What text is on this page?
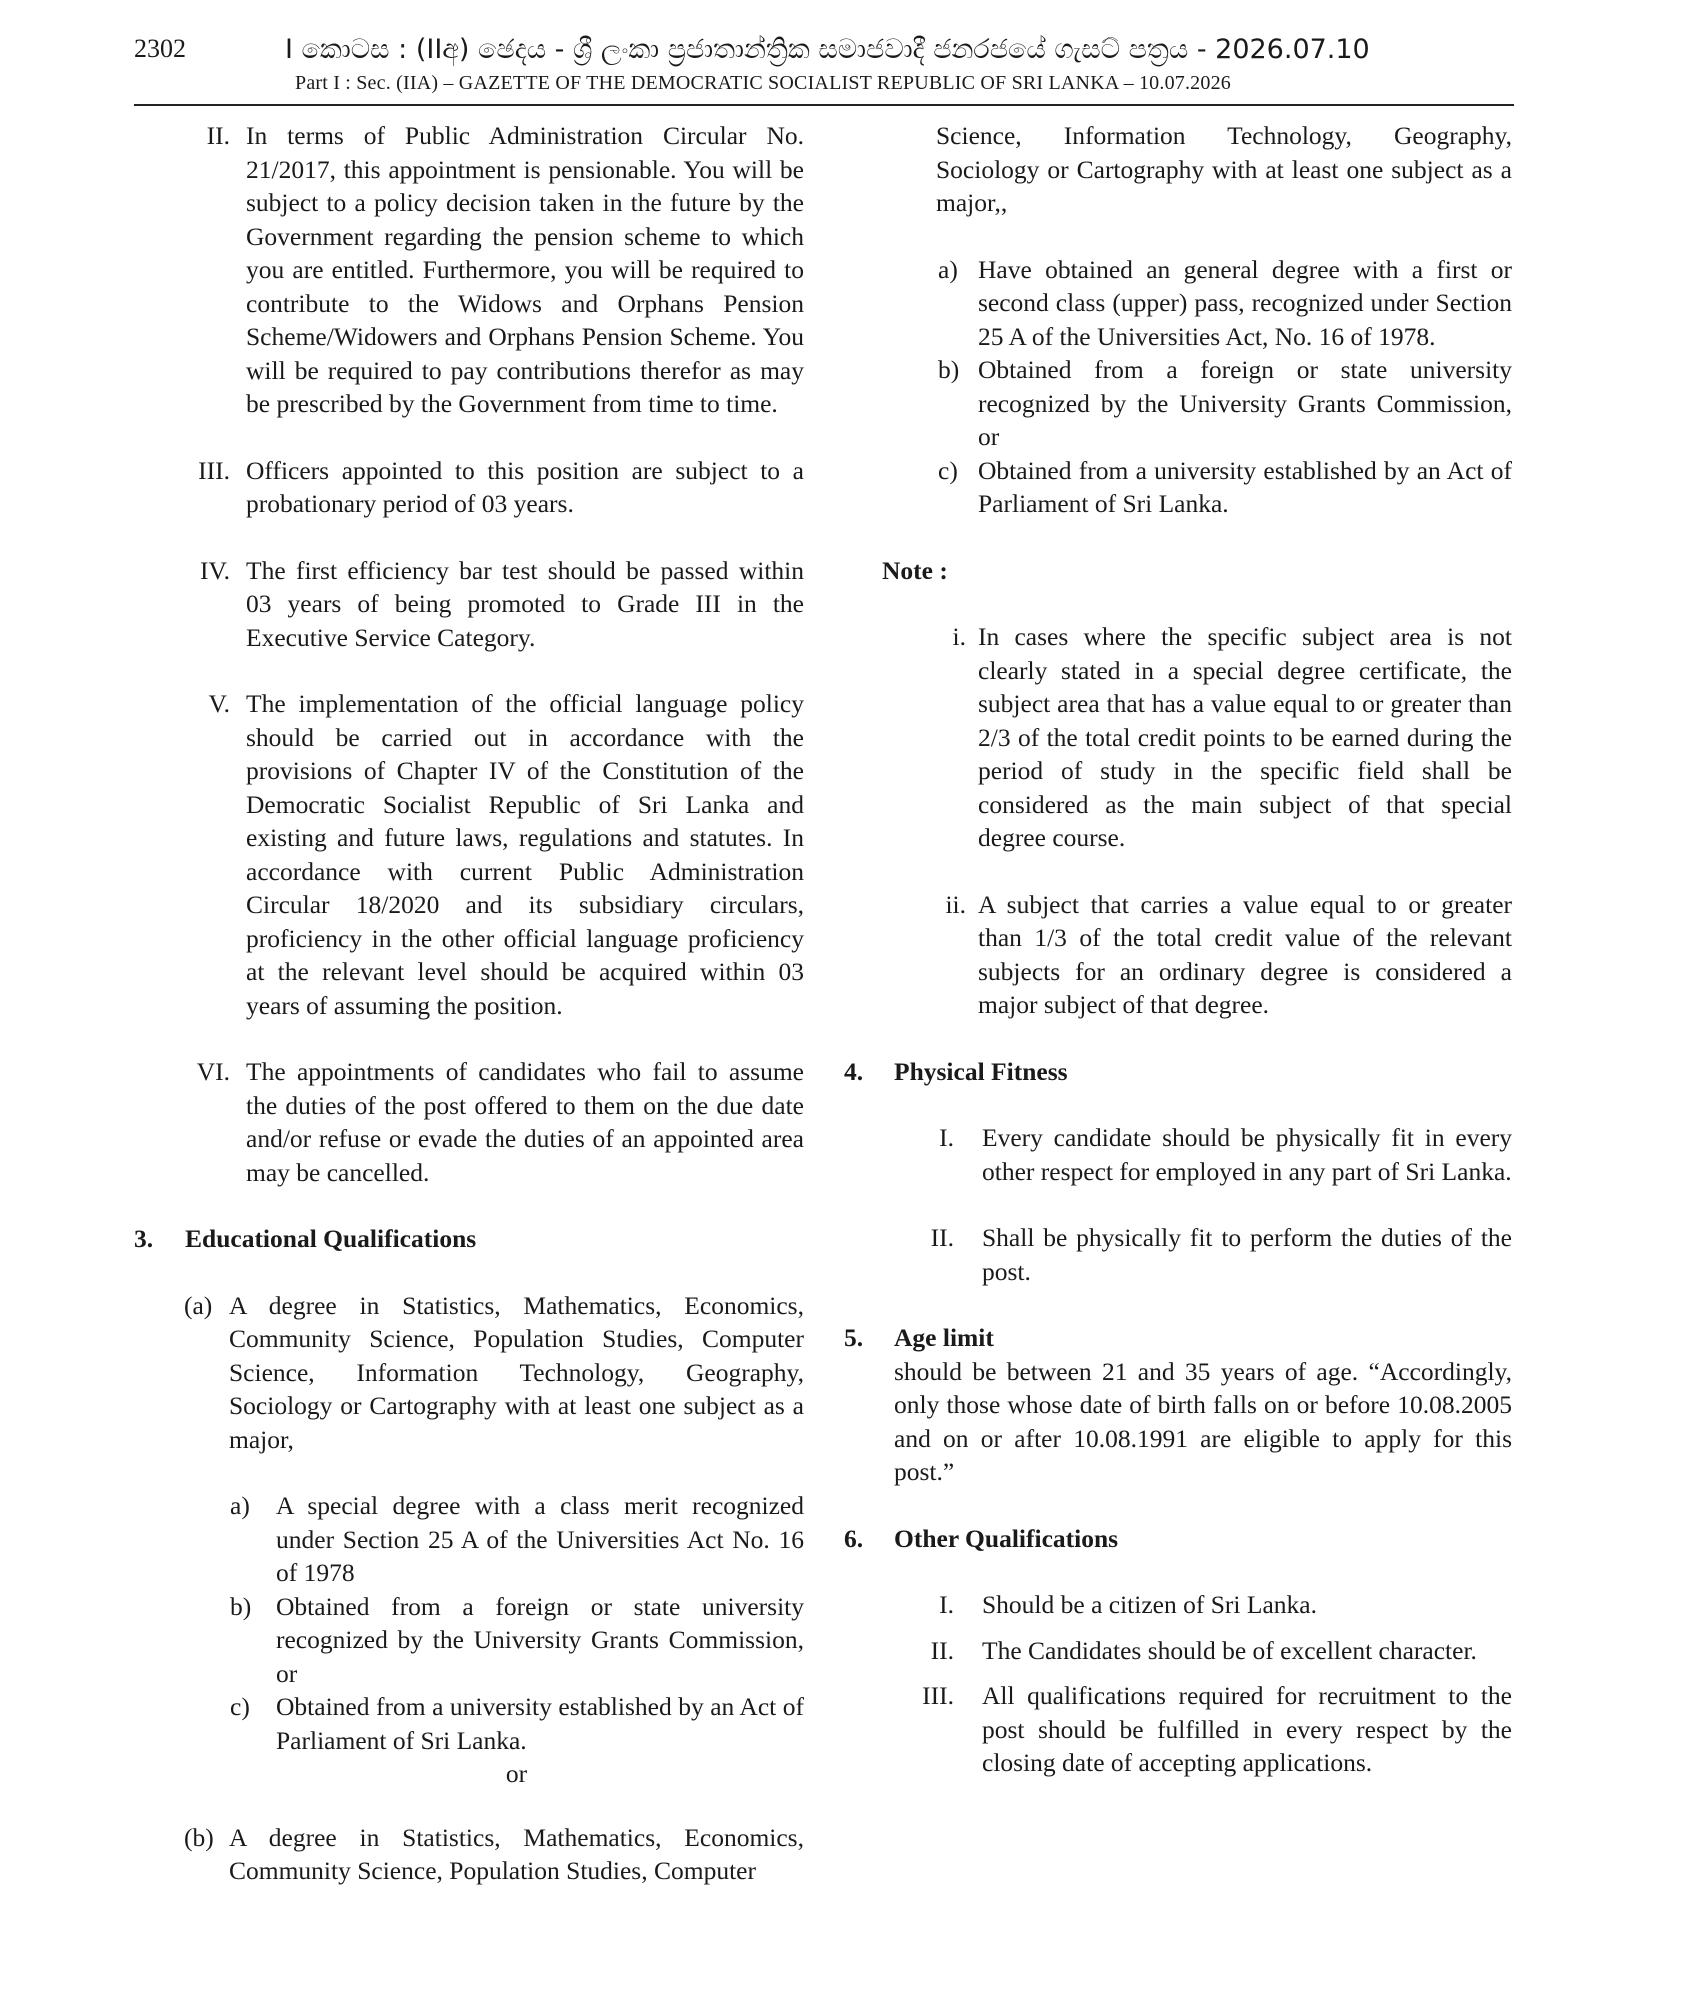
2302	I කොටස : (IIඅ) ඡෙදය - ශ්‍රී ලංකා ප්‍රජාතාන්ත්‍රික සමාජවාදී ජනරජයේ ගැසට් පත්‍රය - 2026.07.10
Part I : Sec. (IIA) – GAZETTE OF THE DEMOCRATIC SOCIALIST REPUBLIC OF SRI LANKA – 10.07.2026
II. In terms of Public Administration Circular No. 21/2017, this appointment is pensionable. You will be subject to a policy decision taken in the future by the Government regarding the pension scheme to which you are entitled. Furthermore, you will be required to contribute to the Widows and Orphans Pension Scheme/Widowers and Orphans Pension Scheme. You will be required to pay contributions therefor as may be prescribed by the Government from time to time.
III. Officers appointed to this position are subject to a probationary period of 03 years.
IV. The first efficiency bar test should be passed within 03 years of being promoted to Grade III in the Executive Service Category.
V. The implementation of the official language policy should be carried out in accordance with the provisions of Chapter IV of the Constitution of the Democratic Socialist Republic of Sri Lanka and existing and future laws, regulations and statutes. In accordance with current Public Administration Circular 18/2020 and its subsidiary circulars, proficiency in the other official language proficiency at the relevant level should be acquired within 03 years of assuming the position.
VI. The appointments of candidates who fail to assume the duties of the post offered to them on the due date and/or refuse or evade the duties of an appointed area may be cancelled.
3.	Educational Qualifications
(a) A degree in Statistics, Mathematics, Economics, Community Science, Population Studies, Computer Science, Information Technology, Geography, Sociology or Cartography with at least one subject as a major,
a) A special degree with a class merit recognized under Section 25 A of the Universities Act No. 16 of 1978
b) Obtained from a foreign or state university recognized by the University Grants Commission, or
c) Obtained from a university established by an Act of Parliament of Sri Lanka.
or
(b) A degree in Statistics, Mathematics, Economics, Community Science, Population Studies, Computer
Science, Information Technology, Geography, Sociology or Cartography with at least one subject as a major,,
a) Have obtained an general degree with a first or second class (upper) pass, recognized under Section 25 A of the Universities Act, No. 16 of 1978.
b) Obtained from a foreign or state university recognized by the University Grants Commission, or
c) Obtained from a university established by an Act of Parliament of Sri Lanka.
Note :
i. In cases where the specific subject area is not clearly stated in a special degree certificate, the subject area that has a value equal to or greater than 2/3 of the total credit points to be earned during the period of study in the specific field shall be considered as the main subject of that special degree course.
ii. A subject that carries a value equal to or greater than 1/3 of the total credit value of the relevant subjects for an ordinary degree is considered a major subject of that degree.
4.	Physical Fitness
I. Every candidate should be physically fit in every other respect for employed in any part of Sri Lanka.
II. Shall be physically fit to perform the duties of the post.
5.	Age limit
should be between 21 and 35 years of age. “Accordingly, only those whose date of birth falls on or before 10.08.2005 and on or after 10.08.1991 are eligible to apply for this post.”
6.	Other Qualifications
I. Should be a citizen of Sri Lanka.
II. The Candidates should be of excellent character.
III. All qualifications required for recruitment to the post should be fulfilled in every respect by the closing date of accepting applications.
